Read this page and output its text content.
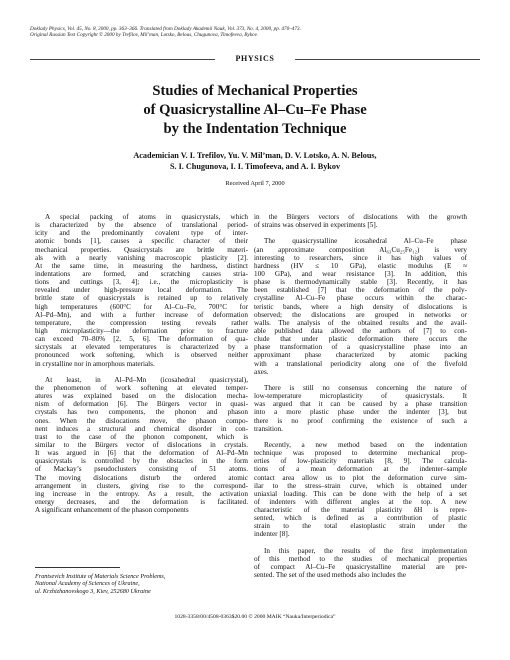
Doklady Physics, Vol. 45, No. 8, 2000, pp. 363–366. Translated from Doklady Akademii Nauk, Vol. 373, No. 4, 2000, pp. 470–473.
Original Russian Text Copyright © 2000 by Trefilov, Mil’man, Lotsko, Belous, Chugunova, Timofeeva, Bykov.
PHYSICS
Studies of Mechanical Properties
of Quasicrystalline Al–Cu–Fe Phase
by the Indentation Technique
Academician V. I. Trefilov, Yu. V. Mil’man, D. V. Lotsko, A. N. Belous,
S. I. Chugunova, I. I. Timofeeva, and A. I. Bykov
Received April 7, 2000
A special packing of atoms in quasicrystals, which
is characterized by the absence of translational period-
icity and the predominantly covalent type of inter-
atomic bonds [1], causes a specific character of their
mechanical properties. Quasicrystals are brittle materi-
als with a nearly vanishing macroscopic plasticity [2].
At the same time, in measuring the hardness, distinct
indentations are formed, and scratching causes stria-
tions and cuttings [3, 4]; i.e., the microplasticity is
revealed under high-pressure local deformation. The
brittle state of quasicrystals is retained up to relatively
high temperatures (600°C for Al–Cu–Fe, 700°C for
Al–Pd–Mn), and with a further increase of deformation
temperature, the compression testing reveals rather
high microplasticity—the deformation prior to fracture
can exceed 70–80% [2, 5, 6]. The deformation of qua-
sicrystals at elevated temperatures is characterized by a
pronounced work softening, which is observed neither
in crystalline nor in amorphous materials.
At least, in Al–Pd–Mn (icosahedral quasicrystal),
the phenomenon of work softening at elevated temper-
atures was explained based on the dislocation mecha-
nism of deformation [6]. The Bürgers vector in quasi-
crystals has two components, the phonon and phason
ones. When the dislocations move, the phason compo-
nent induces a structural and chemical disorder in con-
trast to the case of the phonon component, which is
similar to the Bürgers vector of dislocations in crystals.
It was argued in [6] that the deformation of Al–Pd–Mn
quasicrystals is controlled by the obstacles in the form
of Mackay’s pseudoclusters consisting of 51 atoms.
The moving dislocations disturb the ordered atomic
arrangement in clusters, giving rise to the correspond-
ing increase in the entropy. As a result, the activation
energy decreases, and the deformation is facilitated.
A significant enhancement of the phason components
in the Bürgers vectors of dislocations with the growth
of strains was observed in experiments [5].
The quasicrystalline icosahedral Al–Cu–Fe phase
(an approximate composition Al₆₃Cu₂₅Fe₁₂) is very
interesting to researchers, since it has high values of
hardness (HV ≤ 10 GPa), elastic modulus (E ≈
100 GPa), and wear resistance [3]. In addition, this
phase is thermodynamically stable [3]. Recently, it has
been established [7] that the deformation of the poly-
crystalline Al–Cu–Fe phase occurs within the charac-
teristic bands, where a high density of dislocations is
observed; the dislocations are grouped in networks or
walls. The analysis of the obtained results and the avail-
able published data allowed the authors of [7] to con-
clude that under plastic deformation there occurs the
phase transformation of a quasicrystalline phase into an
approximant phase characterized by atomic packing
with a translational periodicity along one of the fivefold
axes.
There is still no consensus concerning the nature of
low-temperature microplasticity of quasicrystals. It
was argued that it can be caused by a phase transition
into a more plastic phase under the indenter [3], but
there is no proof confirming the existence of such a
transition.
Recently, a new method based on the indentation
technique was proposed to determine mechanical prop-
erties of low-plasticity materials [8, 9]. The calcula-
tions of a mean deformation at the indenter–sample
contact area allow us to plot the deformation curve sim-
ilar to the stress–strain curve, which is obtained under
uniaxial loading. This can be done with the help of a set
of indenters with different angles at the top. A new
characteristic of the material plasticity δH is repre-
sented, which is defined as a contribution of plastic
strain to the total elastoplastic strain under the
indenter [8].
In this paper, the results of the first implementation
of this method to the studies of mechanical properties
of compact Al–Cu–Fe quasicrystalline material are pre-
sented. The set of the used methods also includes the
Frantsevich Institute of Materials Science Problems,
National Academy of Sciences of Ukraine,
ul. Krzhizhanovskogo 3, Kiev, 252680 Ukraine
1028-3358/00/4508-0363$20.00 © 2000 MAIK “Nauka/Interperiodica”
